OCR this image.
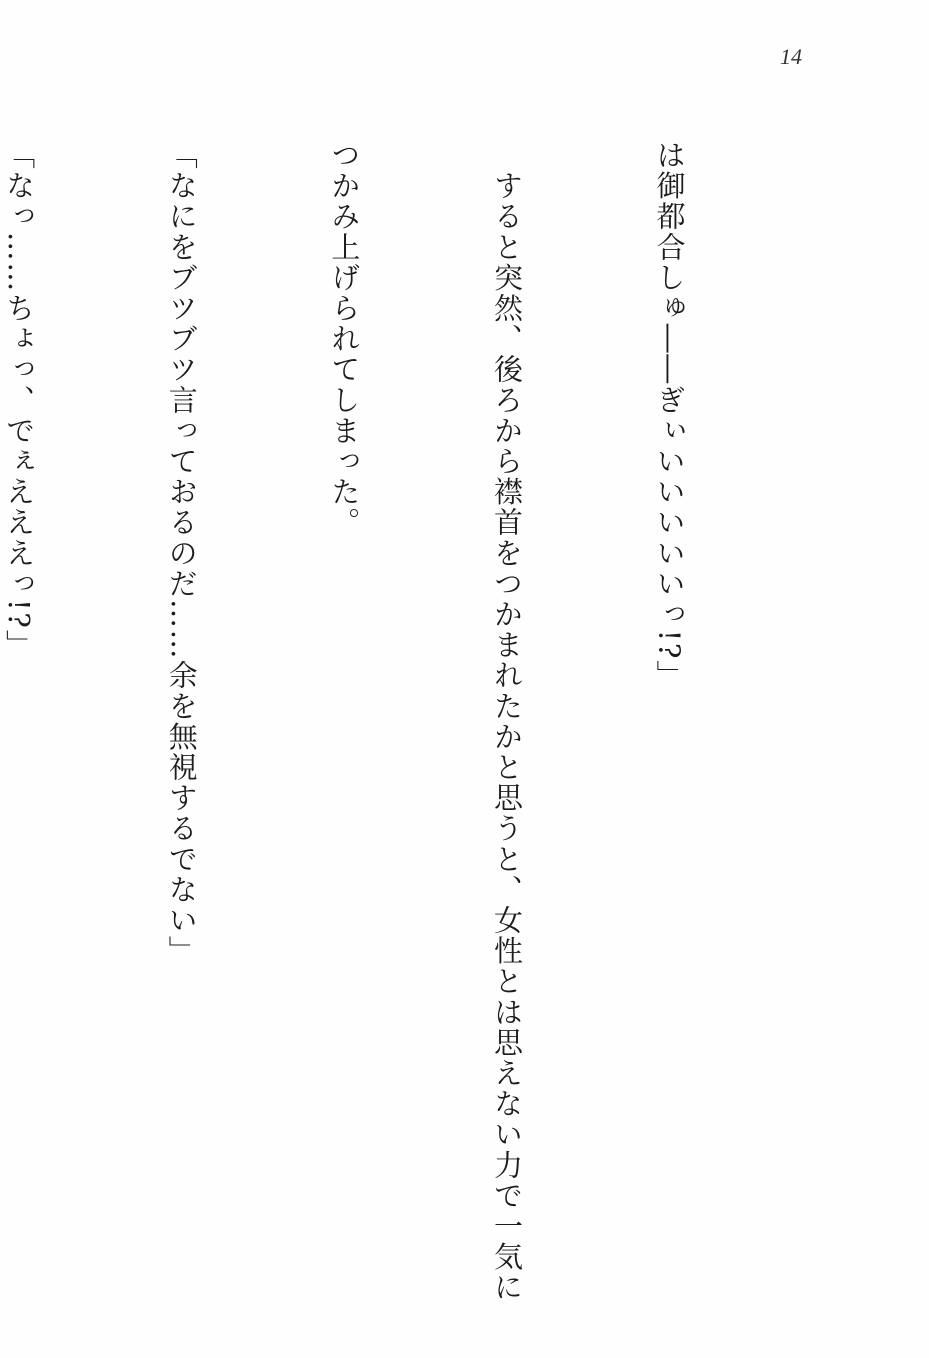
14

は御都合しゅ――ぎぃいいいいいっ!?」

　すると突然、後ろから襟首をつかまれたかと思うと、女性とは思えない力で一気に

つかみ上げられてしまった。

「なにをブツブツ言っておるのだ……余を無視するでない」

「なっ……ちょっ、でぇえええっ!?」
